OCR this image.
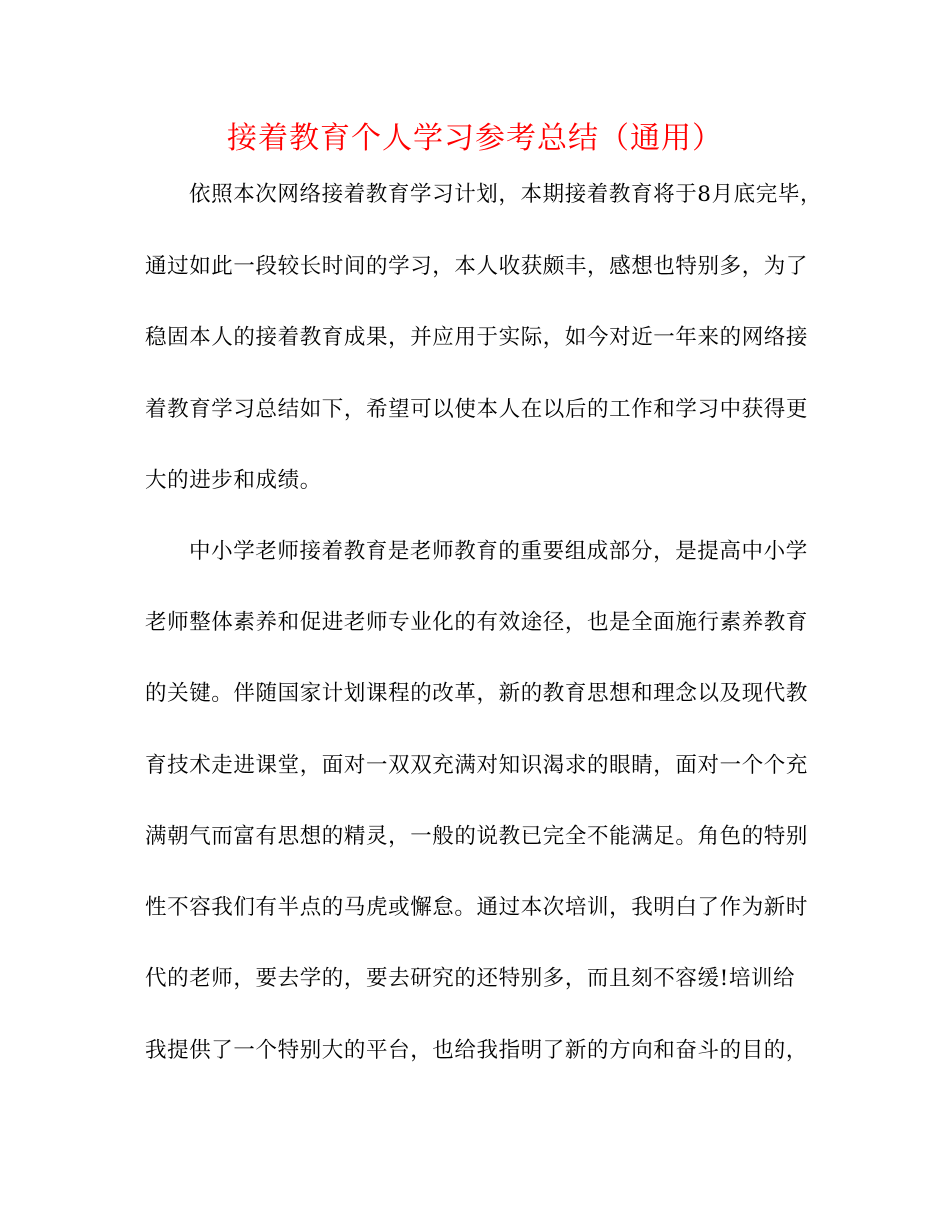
接着教育个人学习参考总结（通用）
依照本次网络接着教育学习计划，本期接着教育将于8月底完毕，
通过如此一段较长时间的学习，本人收获颇丰，感想也特别多，为了
稳固本人的接着教育成果，并应用于实际，如今对近一年来的网络接
着教育学习总结如下，希望可以使本人在以后的工作和学习中获得更
大的进步和成绩。
中小学老师接着教育是老师教育的重要组成部分，是提高中小学
老师整体素养和促进老师专业化的有效途径，也是全面施行素养教育
的关键。伴随国家计划课程的改革，新的教育思想和理念以及现代教
育技术走进课堂，面对一双双充满对知识渴求的眼睛，面对一个个充
满朝气而富有思想的精灵，一般的说教已完全不能满足。角色的特别
性不容我们有半点的马虎或懈怠。通过本次培训，我明白了作为新时
代的老师，要去学的，要去研究的还特别多，而且刻不容缓!培训给
我提供了一个特别大的平台，也给我指明了新的方向和奋斗的目的，
